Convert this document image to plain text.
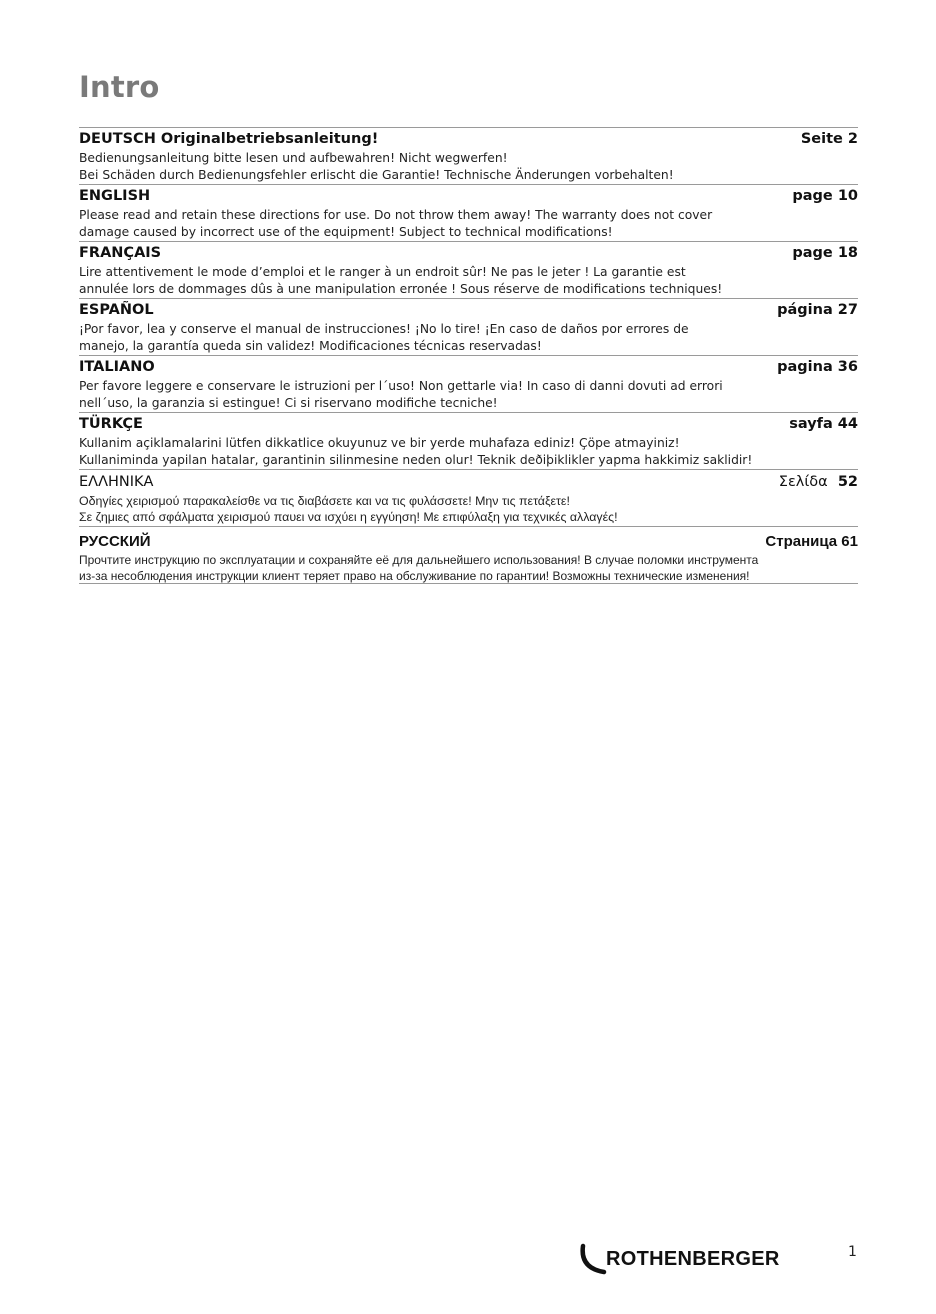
Intro
DEUTSCH Originalbetriebsanleitung!	Seite 2
Bedienungsanleitung bitte lesen und aufbewahren! Nicht wegwerfen!
Bei Schäden durch Bedienungsfehler erlischt die Garantie! Technische Änderungen vorbehalten!
ENGLISH	page 10
Please read and retain these directions for use. Do not throw them away! The warranty does not cover
damage caused by incorrect use of the equipment! Subject to technical modifications!
FRANÇAIS	page 18
Lire attentivement le mode d’emploi et le ranger à un endroit sûr! Ne pas le jeter ! La garantie est
annulée lors de dommages dûs à une manipulation erronée ! Sous réserve de modifications techniques!
ESPAÑOL	página 27
¡Por favor, lea y conserve el manual de instrucciones! ¡No lo tire! ¡En caso de daños por errores de
manejo, la garantía queda sin validez! Modificaciones técnicas reservadas!
ITALIANO	pagina 36
Per favore leggere e conservare le istruzioni per l´uso! Non gettarle via! In caso di danni dovuti ad errori
nell´uso, la garanzia si estingue! Ci si riservano modifiche tecniche!
TÜRKÇE	sayfa 44
Kullanim açiklamalarini lütfen dikkatlice okuyunuz ve bir yerde muhafaza ediniz! Çöpe atmayiniz!
Kullaniminda yapilan hatalar, garantinin silinmesine neden olur! Teknik deðiþiklikler yapma hakkimiz saklidir!
ΕΛΛΗΝΙΚΑ	Σελίδα 52
Οδηγίες χειρισμού παρακαλείσθε να τις διαβάσετε και να τις φυλάσσετε! Μην τις πετάξετε!
Σε ζημιες από σφάλματα χειρισμού παυει να ισχύει η εγγύηση! Με επιφύλαξη για τεχνικές αλλαγές!
РУССКИЙ	Страница 61
Прочтите инструкцию по эксплуатации и сохраняйте её для дальнейшего использования! В случае поломки инструмента
из-за несоблюдения инструкции клиент теряет право на обслуживание по гарантии! Возможны технические изменения!
ROTHENBERGER	1
